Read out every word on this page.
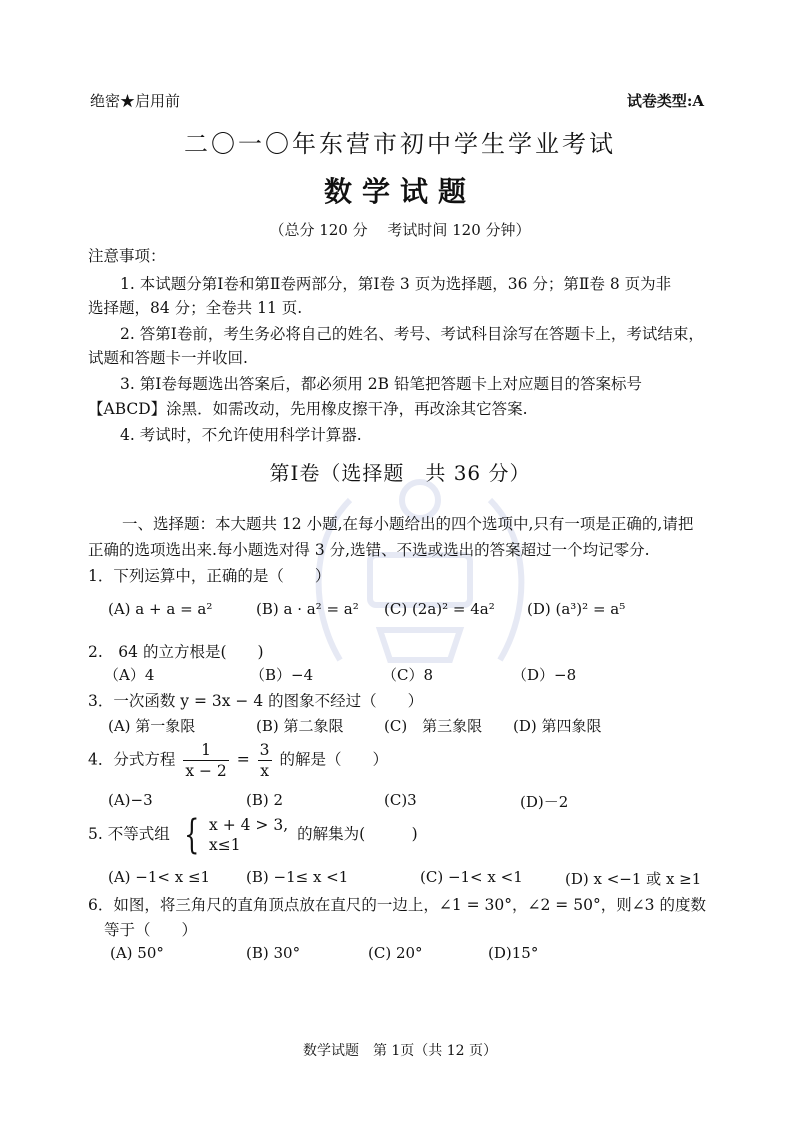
绝密★启用前	试卷类型:A
二〇一〇年东营市初中学生学业考试
数学试题
（总分 120 分　 考试时间 120 分钟）
注意事项：
1. 本试题分第Ⅰ卷和第Ⅱ卷两部分，第Ⅰ卷 3 页为选择题，36 分；第Ⅱ卷 8 页为非
选择题，84 分；全卷共 11 页.
2. 答第Ⅰ卷前，考生务必将自己的姓名、考号、考试科目涂写在答题卡上，考试结束，
试题和答题卡一并收回.
3. 第Ⅰ卷每题选出答案后，都必须用 2B 铅笔把答题卡上对应题目的答案标号
【ABCD】涂黑．如需改动，先用橡皮擦干净，再改涂其它答案.
4. 考试时，不允许使用科学计算器.
第Ⅰ卷（选择题　共 36 分）
一、选择题：本大题共 12 小题,在每小题给出的四个选项中,只有一项是正确的,请把
正确的选项选出来.每小题选对得 3 分,选错、不选或选出的答案超过一个均记零分.
1．下列运算中，正确的是（　　）
(A) a + a = a²	(B) a · a² = a² (C) (2a)² = 4a² (D) (a³)² = a⁵
2.　64 的立方根是(　　)
（A）4	（B）−4	（C）8	（D）−8
3．一次函数 y = 3x − 4 的图象不经过（　　）
(A) 第一象限	(B) 第二象限	(C)　第三象限 (D) 第四象限
4．分式方程 $\frac{1}{x - 2} = \frac{3}{x}$ 的解是（　　）
(A)−3	(B) 2	(C)3	(D)－2
5. 不等式组 { x + 4 > 3,
x≤1
的解集为(　　　)
(A) −1< x ≤1 (B) −1≤ x <1	(C) −1< x <1	(D) x <−1 或 x ≥1
6．如图，将三角尺的直角顶点放在直尺的一边上，∠1 = 30°，∠2 = 50°，则∠3 的度数
等于（　　）
(A) 50°	(B) 30°	(C) 20°	(D)15°
数学试题　第 1页（共 12 页）
